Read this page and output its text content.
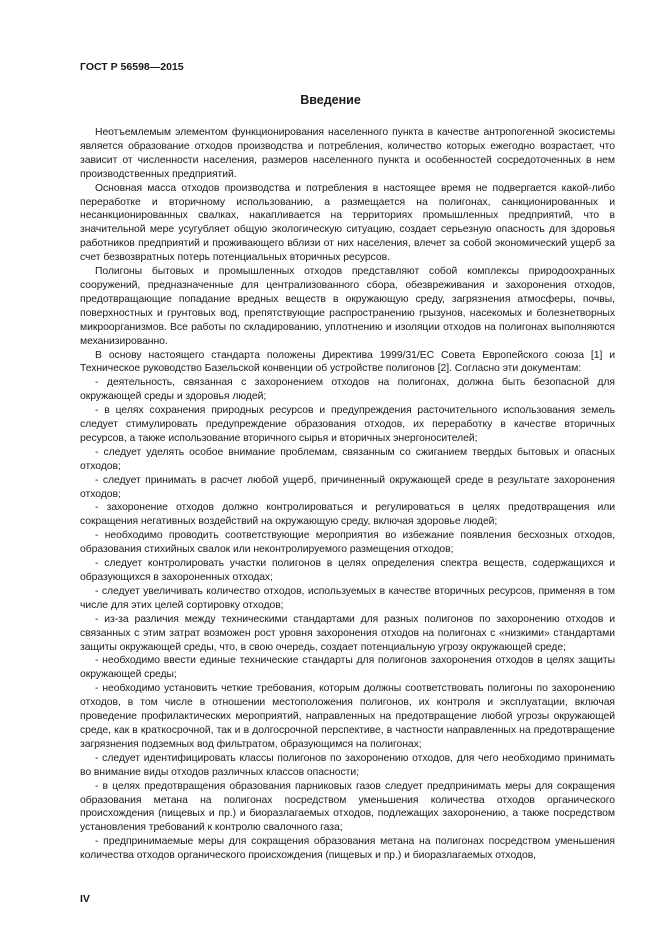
ГОСТ Р 56598—2015
Введение

Неотъемлемым элементом функционирования населенного пункта в качестве антропогенной экосистемы является образование отходов производства и потребления, количество которых ежегодно возрастает, что зависит от численности населения, размеров населенного пункта и особенностей сосредоточенных в нем производственных предприятий.

Основная масса отходов производства и потребления в настоящее время не подвергается какой-либо переработке и вторичному использованию, а размещается на полигонах, санкционированных и несанкционированных свалках, накапливается на территориях промышленных предприятий, что в значительной мере усугубляет общую экологическую ситуацию, создает серьезную опасность для здоровья работников предприятий и проживающего вблизи от них населения, влечет за собой экономический ущерб за счет безвозвратных потерь потенциальных вторичных ресурсов.

Полигоны бытовых и промышленных отходов представляют собой комплексы природоохранных сооружений, предназначенные для централизованного сбора, обезвреживания и захоронения отходов, предотвращающие попадание вредных веществ в окружающую среду, загрязнения атмосферы, почвы, поверхностных и грунтовых вод, препятствующие распространению грызунов, насекомых и болезнетворных микроорганизмов. Все работы по складированию, уплотнению и изоляции отходов на полигонах выполняются механизированно.

В основу настоящего стандарта положены Директива 1999/31/ЕС Совета Европейского союза [1] и Техническое руководство Базельской конвенции об устройстве полигонов [2]. Согласно эти документам:

- деятельность, связанная с захоронением отходов на полигонах, должна быть безопасной для окружающей среды и здоровья людей;

- в целях сохранения природных ресурсов и предупреждения расточительного использования земель следует стимулировать предупреждение образования отходов, их переработку в качестве вторичных ресурсов, а также использование вторичного сырья и вторичных энергоносителей;

- следует уделять особое внимание проблемам, связанным со сжиганием твердых бытовых и опасных отходов;

- следует принимать в расчет любой ущерб, причиненный окружающей среде в результате захоронения отходов;

- захоронение отходов должно контролироваться и регулироваться в целях предотвращения или сокращения негативных воздействий на окружающую среду, включая здоровье людей;

- необходимо проводить соответствующие мероприятия во избежание появления бесхозных отходов, образования стихийных свалок или неконтролируемого размещения отходов;

- следует контролировать участки полигонов в целях определения спектра веществ, содержащихся и образующихся в захороненных отходах;

- следует увеличивать количество отходов, используемых в качестве вторичных ресурсов, применяя в том числе для этих целей сортировку отходов;

- из-за различия между техническими стандартами для разных полигонов по захоронению отходов и связанных с этим затрат возможен рост уровня захоронения отходов на полигонах с «низкими» стандартами защиты окружающей среды, что, в свою очередь, создает потенциальную угрозу окружающей среде;

- необходимо ввести единые технические стандарты для полигонов захоронения отходов в целях защиты окружающей среды;

- необходимо установить четкие требования, которым должны соответствовать полигоны по захоронению отходов, в том числе в отношении местоположения полигонов, их контроля и эксплуатации, включая проведение профилактических мероприятий, направленных на предотвращение любой угрозы окружающей среде, как в краткосрочной, так и в долгосрочной перспективе, в частности направленных на предотвращение загрязнения подземных вод фильтратом, образующимся на полигонах;

- следует идентифицировать классы полигонов по захоронению отходов, для чего необходимо принимать во внимание виды отходов различных классов опасности;

- в целях предотвращения образования парниковых газов следует предпринимать меры для сокращения образования метана на полигонах посредством уменьшения количества отходов органического происхождения (пищевых и пр.) и биоразлагаемых отходов, подлежащих захоронению, а также посредством установления требований к контролю свалочного газа;

- предпринимаемые меры для сокращения образования метана на полигонах посредством уменьшения количества отходов органического происхождения (пищевых и пр.) и биоразлагаемых отходов,

IV
